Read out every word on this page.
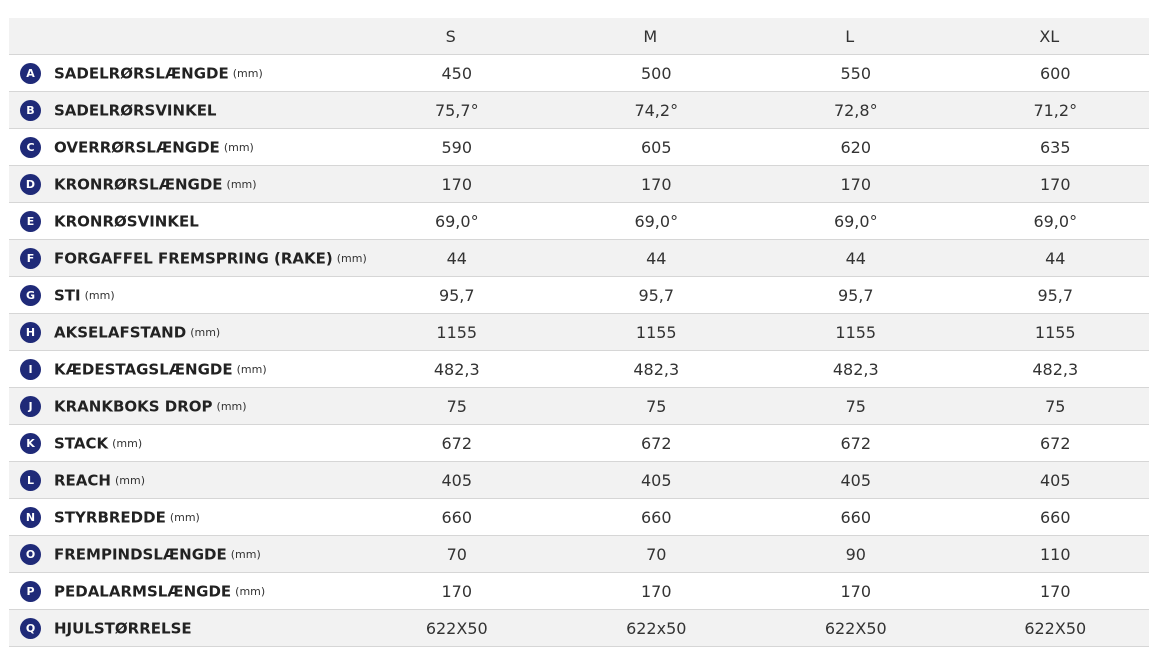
	S	M	L	XL
A SADELRØRSLÆNGDE (mm)	450	500	550	600
B SADELRØRSVINKEL	75,7°	74,2°	72,8°	71,2°
C OVERRØRSLÆNGDE (mm)	590	605	620	635
D KRONRØRSLÆNGDE (mm)	170	170	170	170
E KRONRØSVINKEL	69,0°	69,0°	69,0°	69,0°
F FORGAFFEL FREMSPRING (RAKE) (mm)	44	44	44	44
G STI (mm)	95,7	95,7	95,7	95,7
H AKSELAFSTAND (mm)	1155	1155	1155	1155
I KÆDESTAGSLÆNGDE (mm)	482,3	482,3	482,3	482,3
J KRANKBOKS DROP (mm)	75	75	75	75
K STACK (mm)	672	672	672	672
L REACH (mm)	405	405	405	405
N STYRBREDDE (mm)	660	660	660	660
O FREMPINDSLÆNGDE (mm)	70	70	90	110
P PEDALARMSLÆNGDE (mm)	170	170	170	170
Q HJULSTØRRELSE	622X50	622x50	622X50	622X50
